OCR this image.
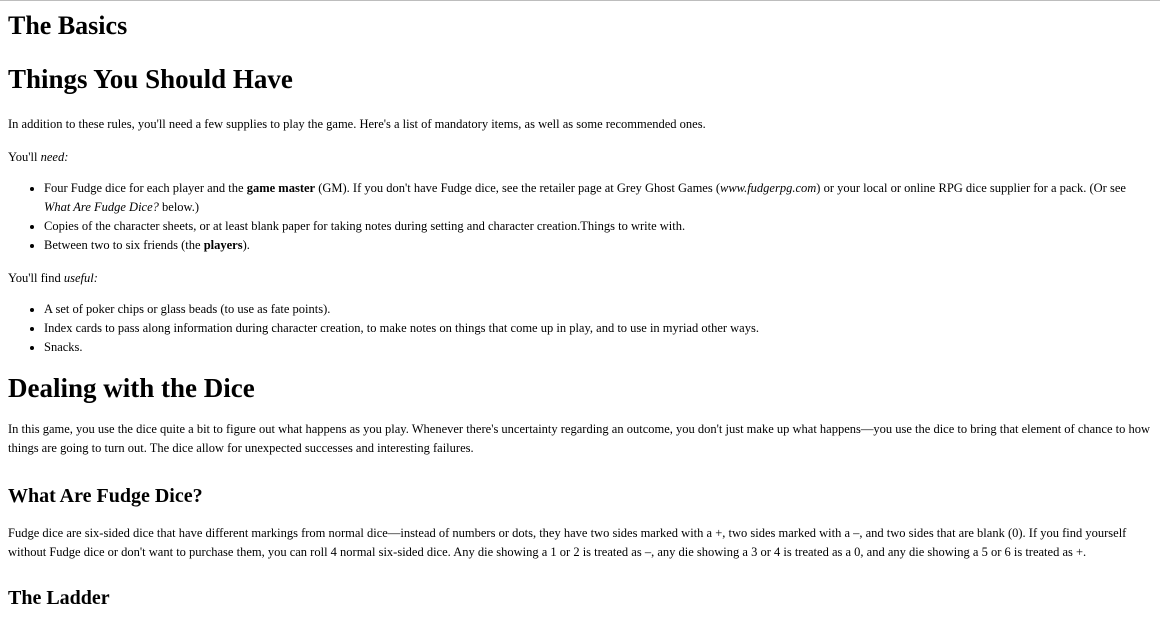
The Basics
Things You Should Have

In addition to these rules, you'll need a few supplies to play the game. Here's a list of mandatory items, as well as some recommended ones.

You'll need:

• Four Fudge dice for each player and the game master (GM). If you don't have Fudge dice, see the retailer page at Grey Ghost Games (www.fudgerpg.com) or your local or online RPG dice supplier for a pack. (Or see What Are Fudge Dice? below.)
• Copies of the character sheets, or at least blank paper for taking notes during setting and character creation.Things to write with.
• Between two to six friends (the players).

You'll find useful:

• A set of poker chips or glass beads (to use as fate points).
• Index cards to pass along information during character creation, to make notes on things that come up in play, and to use in myriad other ways.
• Snacks.
Dealing with the Dice

In this game, you use the dice quite a bit to figure out what happens as you play. Whenever there's uncertainty regarding an outcome, you don't just make up what happens—you use the dice to bring that element of chance to how things are going to turn out. The dice allow for unexpected successes and interesting failures.

What Are Fudge Dice?

Fudge dice are six-sided dice that have different markings from normal dice—instead of numbers or dots, they have two sides marked with a +, two sides marked with a –, and two sides that are blank (0). If you find yourself without Fudge dice or don't want to purchase them, you can roll 4 normal six-sided dice. Any die showing a 1 or 2 is treated as –, any die showing a 3 or 4 is treated as a 0, and any die showing a 5 or 6 is treated as +.

The Ladder
